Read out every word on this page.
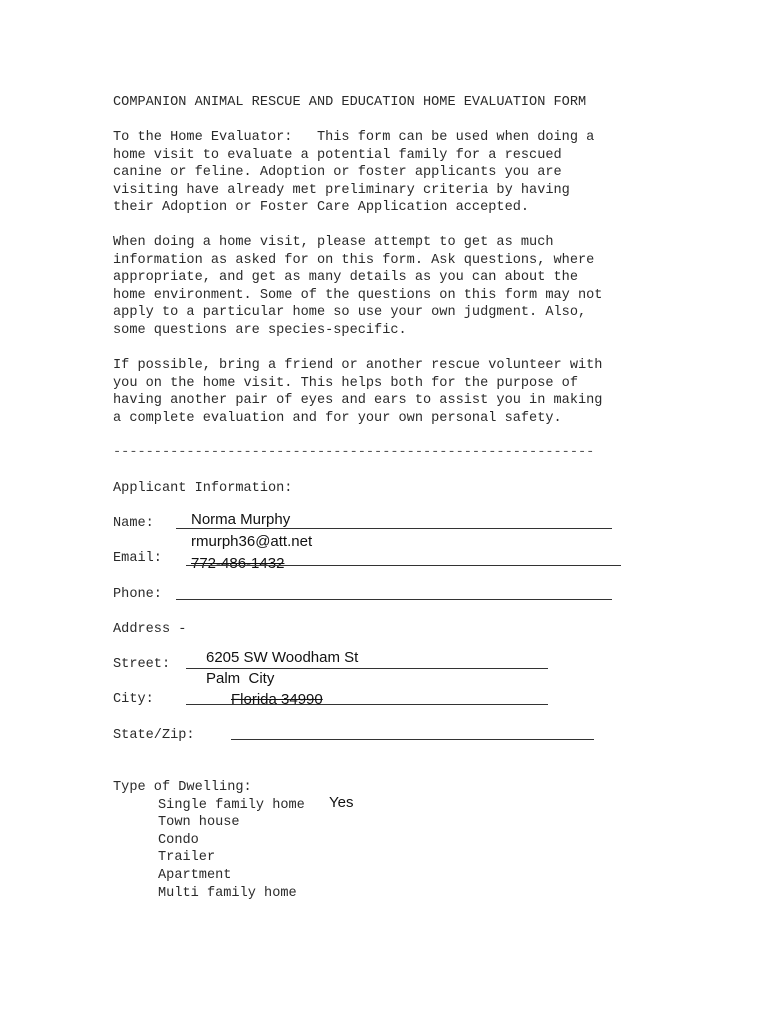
COMPANION ANIMAL RESCUE AND EDUCATION HOME EVALUATION FORM
To the Home Evaluator:   This form can be used when doing a
home visit to evaluate a potential family for a rescued
canine or feline. Adoption or foster applicants you are
visiting have already met preliminary criteria by having
their Adoption or Foster Care Application accepted.
When doing a home visit, please attempt to get as much
information as asked for on this form. Ask questions, where
appropriate, and get as many details as you can about the
home environment. Some of the questions on this form may not
apply to a particular home so use your own judgment. Also,
some questions are species-specific.
If possible, bring a friend or another rescue volunteer with
you on the home visit. This helps both for the purpose of
having another pair of eyes and ears to assist you in making
a complete evaluation and for your own personal safety.
-----------------------------------------------------------
Applicant Information:
Name: Norma Murphy
rmurph36@att.net
Email: 772-486-1432
Phone:
Address -
6205 SW Woodham St
Street:
Palm  City
City:	Florida 34990
State/Zip:
Type of Dwelling:
Single family home
Town house
Condo
Trailer
Apartment
Multi family home
Yes
